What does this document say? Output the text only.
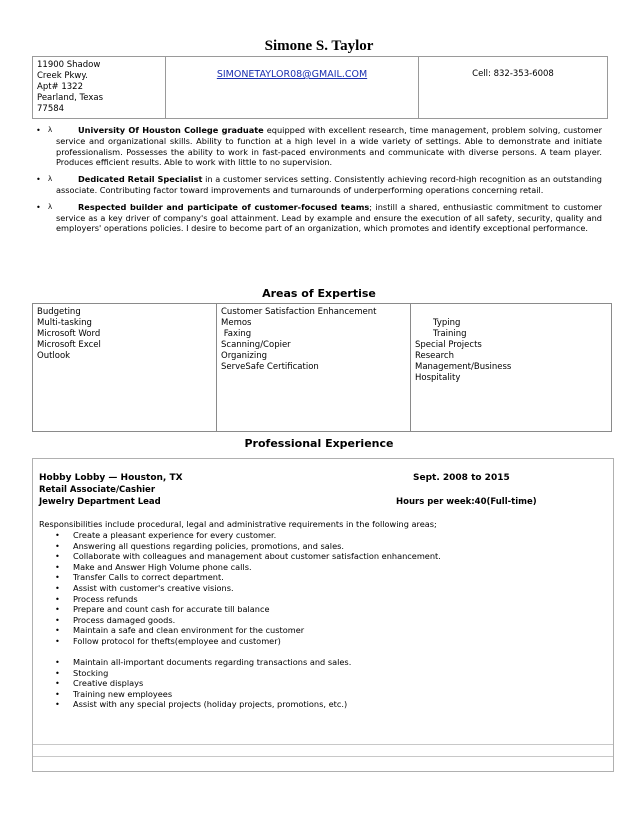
Simone S. Taylor
11900 Shadow
Creek Pkwy.
Apt# 1322
Pearland, Texas
77584
	SIMONETAYLOR08@GMAIL.COM	Cell: 832-353-6008
• λ	University Of Houston College graduate equipped with excellent research, time management, problem solving, customer service and organizational skills. Ability to function at a high level in a wide variety of settings. Able to demonstrate and initiate professionalism. Possesses the ability to work in fast-paced environments and communicate with diverse persons. A team player. Produces efficient results. Able to work with little to no supervision.
• λ	Dedicated Retail Specialist in a customer services setting. Consistently achieving record-high recognition as an outstanding associate. Contributing factor toward improvements and turnarounds of underperforming operations concerning retail.
• λ	Respected builder and participate of customer-focused teams; instill a shared, enthusiastic commitment to customer service as a key driver of company's goal attainment. Lead by example and ensure the execution of all safety, security, quality and employers' operations policies. I desire to become part of an organization, which promotes and identify exceptional performance.
Areas of Expertise
Budgeting
Multi-tasking
Microsoft Word
Microsoft Excel
Outlook

Customer Satisfaction Enhancement
Memos
Faxing
Scanning/Copier
Organizing
ServeSafe Certification

Typing
Training
Special Projects
Research
Management/Business
Hospitality
Professional Experience
Hobby Lobby — Houston, TX	Sept. 2008 to 2015
Retail Associate/Cashier
Jewelry Department Lead	Hours per week:40(Full-time)
Responsibilities include procedural, legal and administrative requirements in the following areas;
• Create a pleasant experience for every customer.
• Answering all questions regarding policies, promotions, and sales.
• Collaborate with colleagues and management about customer satisfaction enhancement.
• Make and Answer High Volume phone calls.
• Transfer Calls to correct department.
• Assist with customer's creative visions.
• Process refunds
• Prepare and count cash for accurate till balance
• Process damaged goods.
• Maintain a safe and clean environment for the customer
• Follow protocol for thefts(employee and customer)
• Maintain all-important documents regarding transactions and sales.
• Stocking
• Creative displays
• Training new employees
• Assist with any special projects (holiday projects, promotions, etc.)
